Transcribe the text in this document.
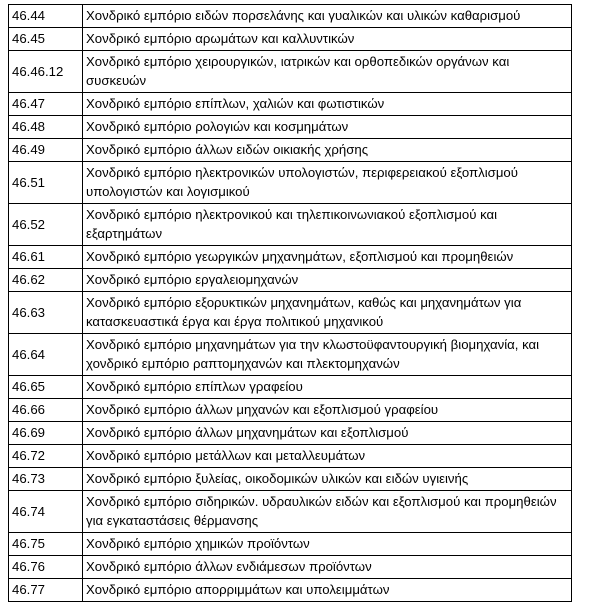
46.44	Χονδρικό εμπόριο ειδών πορσελάνης και γυαλικών και υλικών καθαρισμού
46.45	Χονδρικό εμπόριο αρωμάτων και καλλυντικών
46.46.12	Χονδρικό εμπόριο χειρουργικών, ιατρικών και ορθοπεδικών οργάνων και συσκευών
46.47	Χονδρικό εμπόριο επίπλων, χαλιών και φωτιστικών
46.48	Χονδρικό εμπόριο ρολογιών και κοσμημάτων
46.49	Χονδρικό εμπόριο άλλων ειδών οικιακής χρήσης
46.51	Χονδρικό εμπόριο ηλεκτρονικών υπολογιστών, περιφερειακού εξοπλισμού υπολογιστών και λογισμικού
46.52	Χονδρικό εμπόριο ηλεκτρονικού και τηλεπικοινωνιακού εξοπλισμού και εξαρτημάτων
46.61	Χονδρικό εμπόριο γεωργικών μηχανημάτων, εξοπλισμού και προμηθειών
46.62	Χονδρικό εμπόριο εργαλειομηχανών
46.63	Χονδρικό εμπόριο εξορυκτικών μηχανημάτων, καθώς και μηχανημάτων για κατασκευαστικά έργα και έργα πολιτικού μηχανικού
46.64	Χονδρικό εμπόριο μηχανημάτων για την κλωστοϋφαντουργική βιομηχανία, και χονδρικό εμπόριο ραπτομηχανών και πλεκτομηχανών
46.65	Χονδρικό εμπόριο επίπλων γραφείου
46.66	Χονδρικό εμπόριο άλλων μηχανών και εξοπλισμού γραφείου
46.69	Χονδρικό εμπόριο άλλων μηχανημάτων και εξοπλισμού
46.72	Χονδρικό εμπόριο μετάλλων και μεταλλευμάτων
46.73	Χονδρικό εμπόριο ξυλείας, οικοδομικών υλικών και ειδών υγιεινής
46.74	Χονδρικό εμπόριο σιδηρικών. υδραυλικών ειδών και εξοπλισμού και προμηθειών για εγκαταστάσεις θέρμανσης
46.75	Χονδρικό εμπόριο χημικών προϊόντων
46.76	Χονδρικό εμπόριο άλλων ενδιάμεσων προϊόντων
46.77	Χονδρικό εμπόριο απορριμμάτων και υπολειμμάτων
